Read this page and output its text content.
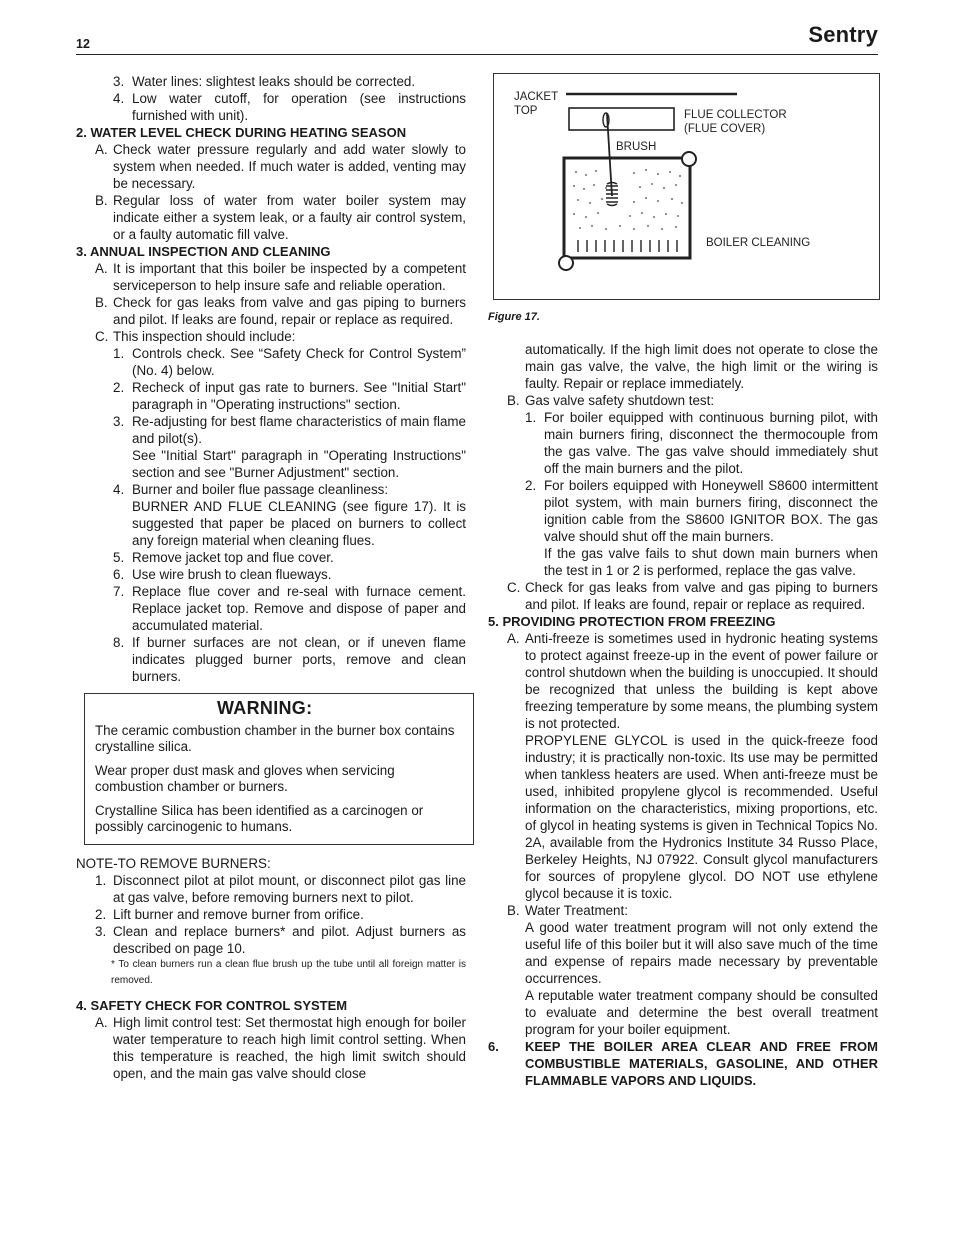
12	Sentry
3. Water lines: slightest leaks should be corrected.
4. Low water cutoff, for operation (see instructions furnished with unit).

2. WATER LEVEL CHECK DURING HEATING SEASON

A. Check water pressure regularly and add water slowly to system when needed. If much water is added, venting may be necessary.
B. Regular loss of water from water boiler system may indicate either a system leak, or a faulty air control system, or a faulty automatic fill valve.

3. ANNUAL INSPECTION AND CLEANING

A. It is important that this boiler be inspected by a competent serviceperson to help insure safe and reliable operation.
B. Check for gas leaks from valve and gas piping to burners and pilot. If leaks are found, repair or replace as required.
C. This inspection should include:
1. Controls check. See “Safety Check for Control System” (No. 4) below.
2. Recheck of input gas rate to burners. See "Initial Start" paragraph in "Operating instructions" section.
3. Re-adjusting for best flame characteristics of main flame and pilot(s).

See "Initial Start" paragraph in "Operating Instructions" section and see "Burner Adjustment" section.

4. Burner and boiler flue passage cleanliness:

BURNER AND FLUE CLEANING (see figure 17). It is suggested that paper be placed on burners to collect any foreign material when cleaning flues.

5. Remove jacket top and flue cover.
6. Use wire brush to clean flueways.
7. Replace flue cover and re-seal with furnace cement. Replace jacket top. Remove and dispose of paper and accumulated material.
8. If burner surfaces are not clean, or if uneven flame indicates plugged burner ports, remove and clean burners.
WARNING:

The ceramic combustion chamber in the burner box contains crystalline silica.

Wear proper dust mask and gloves when servicing combustion chamber or burners.

Crystalline Silica has been identified as a carcinogen or possibly carcinogenic to humans.

NOTE-TO REMOVE BURNERS:

1. Disconnect pilot at pilot mount, or disconnect pilot gas line at gas valve, before removing burners next to pilot.
2. Lift burner and remove burner from orifice.
3. Clean and replace burners* and pilot. Adjust burners as described on page 10.

* To clean burners run a clean flue brush up the tube until all foreign matter is removed.

4. SAFETY CHECK FOR CONTROL SYSTEM

A. High limit control test: Set thermostat high enough for boiler water temperature to reach high limit control setting. When this temperature is reached, the high limit switch should open, and the main gas valve should close
JACKET
TOP	FLUE COLLECTOR
(FLUE COVER)
BRUSH
BOILER CLEANING
Figure 17.

automatically. If the high limit does not operate to close the main gas valve, the valve, the high limit or the wiring is faulty. Repair or replace immediately.

B. Gas valve safety shutdown test:
1. For boiler equipped with continuous burning pilot, with main burners firing, disconnect the thermocouple from the gas valve. The gas valve should immediately shut off the main burners and the pilot.
2. For boilers equipped with Honeywell S8600 intermittent pilot system, with main burners firing, disconnect the ignition cable from the S8600 IGNITOR BOX. The gas valve should shut off the main burners.

If the gas valve fails to shut down main burners when the test in 1 or 2 is performed, replace the gas valve.

C. Check for gas leaks from valve and gas piping to burners and pilot. If leaks are found, repair or replace as required.

5. PROVIDING PROTECTION FROM FREEZING

A. Anti-freeze is sometimes used in hydronic heating systems to protect against freeze-up in the event of power failure or control shutdown when the building is unoccupied. It should be recognized that unless the building is kept above freezing temperature by some means, the plumbing system is not protected.

PROPYLENE GLYCOL is used in the quick-freeze food industry; it is practically non-toxic. Its use may be permitted when tankless heaters are used. When anti-freeze must be used, inhibited propylene glycol is recommended. Useful information on the characteristics, mixing proportions, etc. of glycol in heating systems is given in Technical Topics No. 2A, available from the Hydronics Institute 34 Russo Place, Berkeley Heights, NJ 07922. Consult glycol manufacturers for sources of propylene glycol. DO NOT use ethylene glycol because it is toxic.

B. Water Treatment:

A good water treatment program will not only extend the useful life of this boiler but it will also save much of the time and expense of repairs made necessary by preventable occurrences.

A reputable water treatment company should be consulted to evaluate and determine the best overall treatment program for your boiler equipment.

6.	KEEP THE BOILER AREA CLEAR AND FREE FROM COMBUSTIBLE MATERIALS, GASOLINE, AND OTHER FLAMMABLE VAPORS AND LIQUIDS.
